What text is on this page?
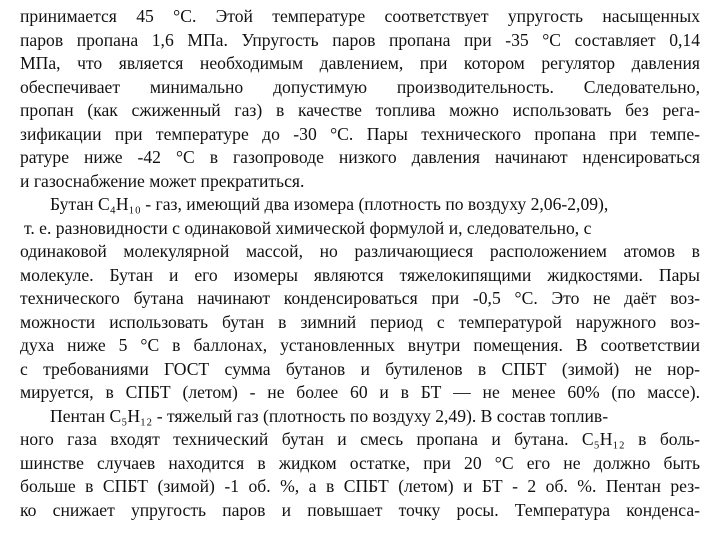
принимается 45 °С. Этой температуре соответствует упругость насыщенных
паров пропана 1,6 МПа. Упругость паров пропана при -35 °С составляет 0,14
МПа, что является необходимым давлением, при котором регулятор давления
обеспечивает минимально допустимую производительность. Следовательно,
пропан (как сжиженный газ) в качестве топлива можно использовать без рега-
зификации при температуре до -30 °С. Пары технического пропана при темпе-
ратуре ниже -42 °С в газопроводе низкого давления начинают нденсироваться
и газоснабжение может прекратиться.
Бутан С₄Н₁₀ - газ, имеющий два изомера (плотность по воздуху 2,06-2,09),
т. е. разновидности с одинаковой химической формулой и, следовательно, с
одинаковой молекулярной массой, но различающиеся расположением атомов в
молекуле. Бутан и его изомеры являются тяжелокипящими жидкостями. Пары
технического бутана начинают конденсироваться при -0,5 °С. Это не даёт воз-
можности использовать бутан в зимний период с температурой наружного воз-
духа ниже 5 °С в баллонах, установленных внутри помещения. В соответствии
с требованиями ГОСТ сумма бутанов и бутиленов в СПБТ (зимой) не нор-
мируется, в СПБТ (летом) - не более 60 и в БТ — не менее 60% (по массе).
Пентан С₅Н₁₂ - тяжелый газ (плотность по воздуху 2,49). В состав топлив-
ного газа входят технический бутан и смесь пропана и бутана. С₅Н₁₂ в боль-
шинстве случаев находится в жидком остатке, при 20 °С его не должно быть
больше в СПБТ (зимой) -1 об. %, а в СПБТ (летом) и БТ - 2 об. %. Пентан рез-
ко снижает упругость паров и повышает точку росы. Температура конденса-
